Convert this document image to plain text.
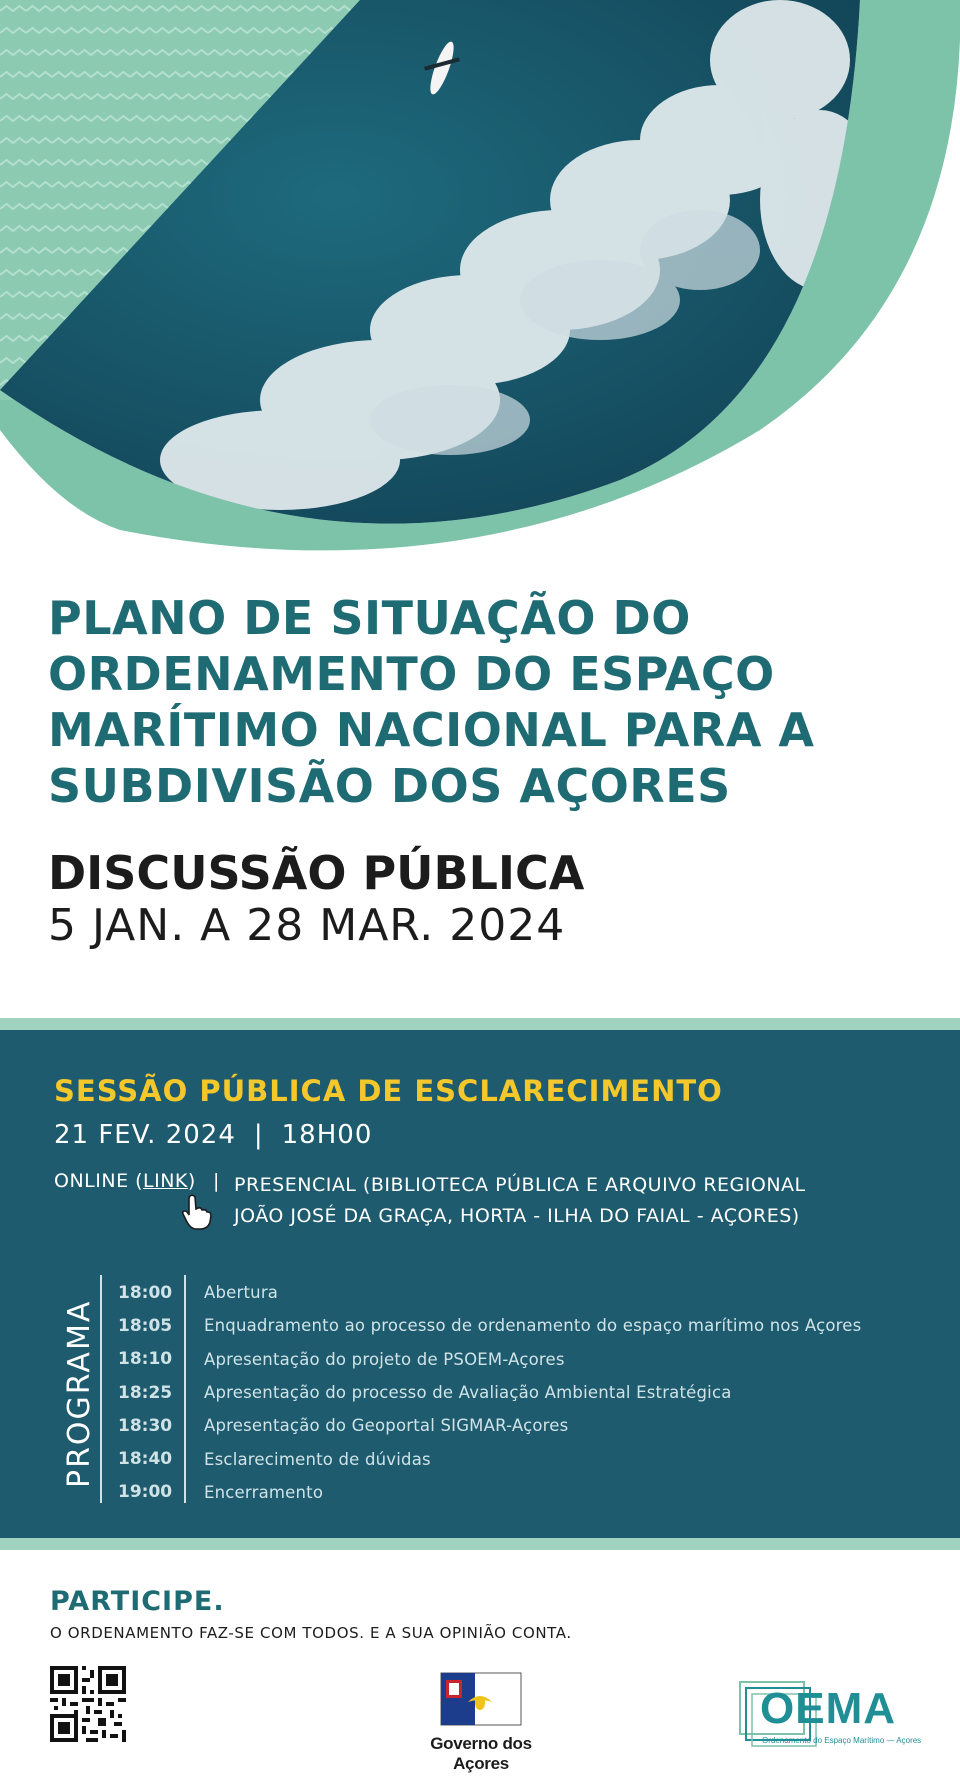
PLANO DE SITUAÇÃO DO
ORDENAMENTO DO ESPAÇO
MARÍTIMO NACIONAL PARA A
SUBDIVISÃO DOS AÇORES
DISCUSSÃO PÚBLICA
5 JAN. A 28 MAR. 2024
SESSÃO PÚBLICA DE ESCLARECIMENTO
21 FEV. 2024 | 18H00
ONLINE (LINK) | PRESENCIAL (BIBLIOTECA PÚBLICA E ARQUIVO REGIONAL
JOÃO JOSÉ DA GRAÇA, HORTA - ILHA DO FAIAL - AÇORES)
PROGRAMA
18:00	Abertura
18:05	Enquadramento ao processo de ordenamento do espaço marítimo nos Açores
18:10	Apresentação do projeto de PSOEM-Açores
18:25	Apresentação do processo de Avaliação Ambiental Estratégica
18:30	Apresentação do Geoportal SIGMAR-Açores
18:40	Esclarecimento de dúvidas
19:00	Encerramento
PARTICIPE.
O ORDENAMENTO FAZ-SE COM TODOS. E A SUA OPINIÃO CONTA.
Governo dos Açores
OEMA
Ordenamento do Espaço Marítimo — Açores
